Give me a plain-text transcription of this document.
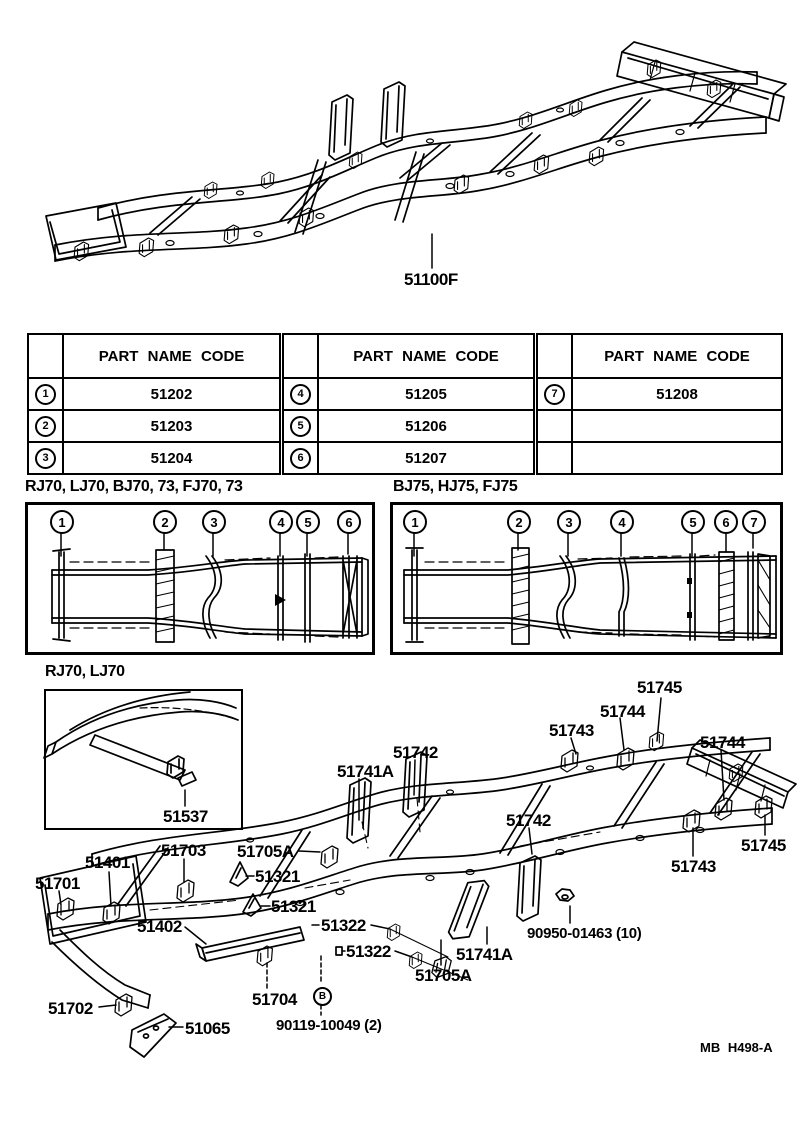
51100F
	PART NAME CODE
1	51202
2	51203
3	51204
	PART NAME CODE
4	51205
5	51206
6	51207
	PART NAME CODE
7	51208

RJ70, LJ70, BJ70, 73, FJ70, 73	BJ75, HJ75, FJ75
1	2	3	4	5	6	1	2	3	4	5	6	7
RJ70, LJ70
51537
51745
51744
51743
51744
51745
51743
51742
51741A
51742
51741A
51705A
51705A
51321
51321
51322
51322
51401
51402
51701
51702
51703
51704
51065
90950-01463 (10)
90119-10049 (2)
B
MB H498-A
